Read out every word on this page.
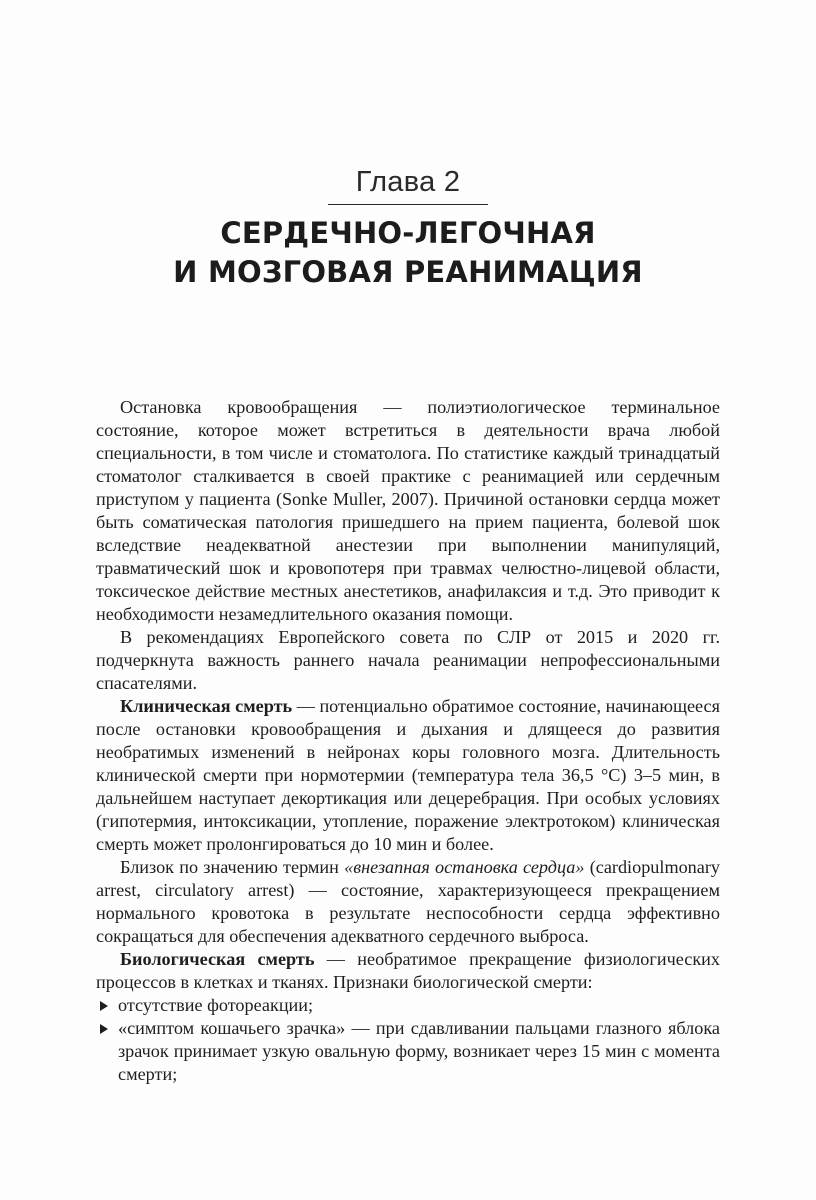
Глава 2
СЕРДЕЧНО-ЛЕГОЧНАЯ
И МОЗГОВАЯ РЕАНИМАЦИЯ

Остановка кровообращения — полиэтиологическое терминальное состояние, которое может встретиться в деятельности врача любой специальности, в том числе и стоматолога. По статистике каждый тринадцатый стоматолог сталкивается в своей практике с реанимацией или сердечным приступом у пациента (Sonke Muller, 2007). Причиной остановки сердца может быть соматическая патология пришедшего на прием пациента, болевой шок вследствие неадекватной анестезии при выполнении манипуляций, травматический шок и кровопотеря при травмах челюстно-лицевой области, токсическое действие местных анестетиков, анафилаксия и т.д. Это приводит к необходимости незамедлительного оказания помощи.

В рекомендациях Европейского совета по СЛР от 2015 и 2020 гг. подчеркнута важность раннего начала реанимации непрофессиональными спасателями.

Клиническая смерть — потенциально обратимое состояние, начинающееся после остановки кровообращения и дыхания и длящееся до развития необратимых изменений в нейронах коры головного мозга. Длительность клинической смерти при нормотермии (температура тела 36,5 °С) 3–5 мин, в дальнейшем наступает декортикация или децеребрация. При особых условиях (гипотермия, интоксикации, утопление, поражение электротоком) клиническая смерть может пролонгироваться до 10 мин и более.

Близок по значению термин «внезапная остановка сердца» (cardiopulmonary arrest, circulatory arrest) — состояние, характеризующееся прекращением нормального кровотока в результате неспособности сердца эффективно сокращаться для обеспечения адекватного сердечного выброса.

Биологическая смерть — необратимое прекращение физиологических процессов в клетках и тканях. Признаки биологической смерти:

отсутствие фотореакции;
«симптом кошачьего зрачка» — при сдавливании пальцами глазного яблока зрачок принимает узкую овальную форму, возникает через 15 мин с момента смерти;
